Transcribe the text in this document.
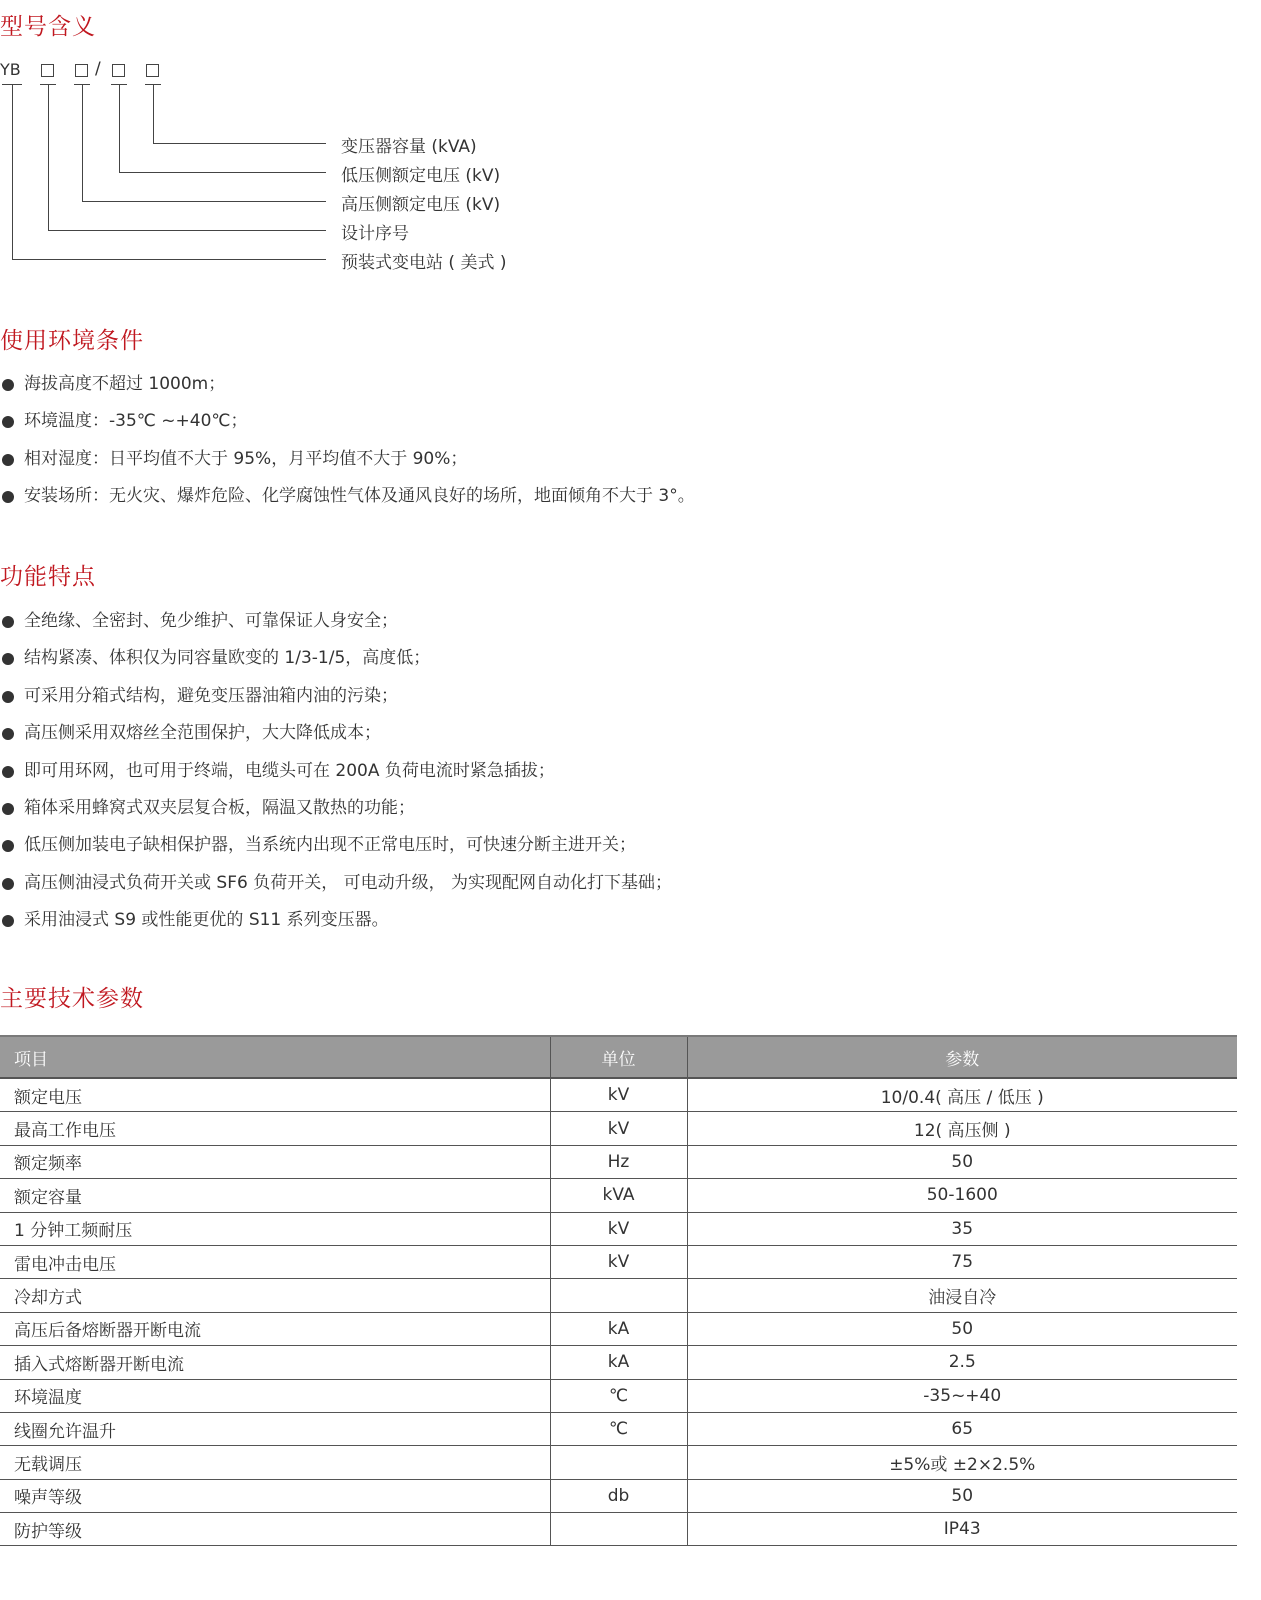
型号含义
YB	/
变压器容量 (kVA)
低压侧额定电压 (kV)
高压侧额定电压 (kV)
设计序号
预装式变电站 ( 美式 )
使用环境条件
海拔高度不超过 1000m；
环境温度：-35℃ ~+40℃；
相对湿度：日平均值不大于 95%，月平均值不大于 90%；
安装场所：无火灾、爆炸危险、化学腐蚀性气体及通风良好的场所，地面倾角不大于 3°。
功能特点
全绝缘、全密封、免少维护、可靠保证人身安全；
结构紧凑、体积仅为同容量欧变的 1/3-1/5，高度低；
可采用分箱式结构，避免变压器油箱内油的污染；
高压侧采用双熔丝全范围保护，大大降低成本；
即可用环网，也可用于终端，电缆头可在 200A 负荷电流时紧急插拔；
箱体采用蜂窝式双夹层复合板，隔温又散热的功能；
低压侧加装电子缺相保护器，当系统内出现不正常电压时，可快速分断主进开关；
高压侧油浸式负荷开关或 SF6 负荷开关， 可电动升级， 为实现配网自动化打下基础；
采用油浸式 S9 或性能更优的 S11 系列变压器。
主要技术参数
项目	单位	参数
额定电压	kV	10/0.4( 高压 / 低压 )
最高工作电压	kV	12( 高压侧 )
额定频率	Hz	50
额定容量	kVA	50-1600
1 分钟工频耐压	kV	35
雷电冲击电压	kV	75
冷却方式		油浸自冷
高压后备熔断器开断电流	kA	50
插入式熔断器开断电流	kA	2.5
环境温度	℃	-35~+40
线圈允许温升	℃	65
无载调压		±5%或 ±2×2.5%
噪声等级	db	50
防护等级		IP43
